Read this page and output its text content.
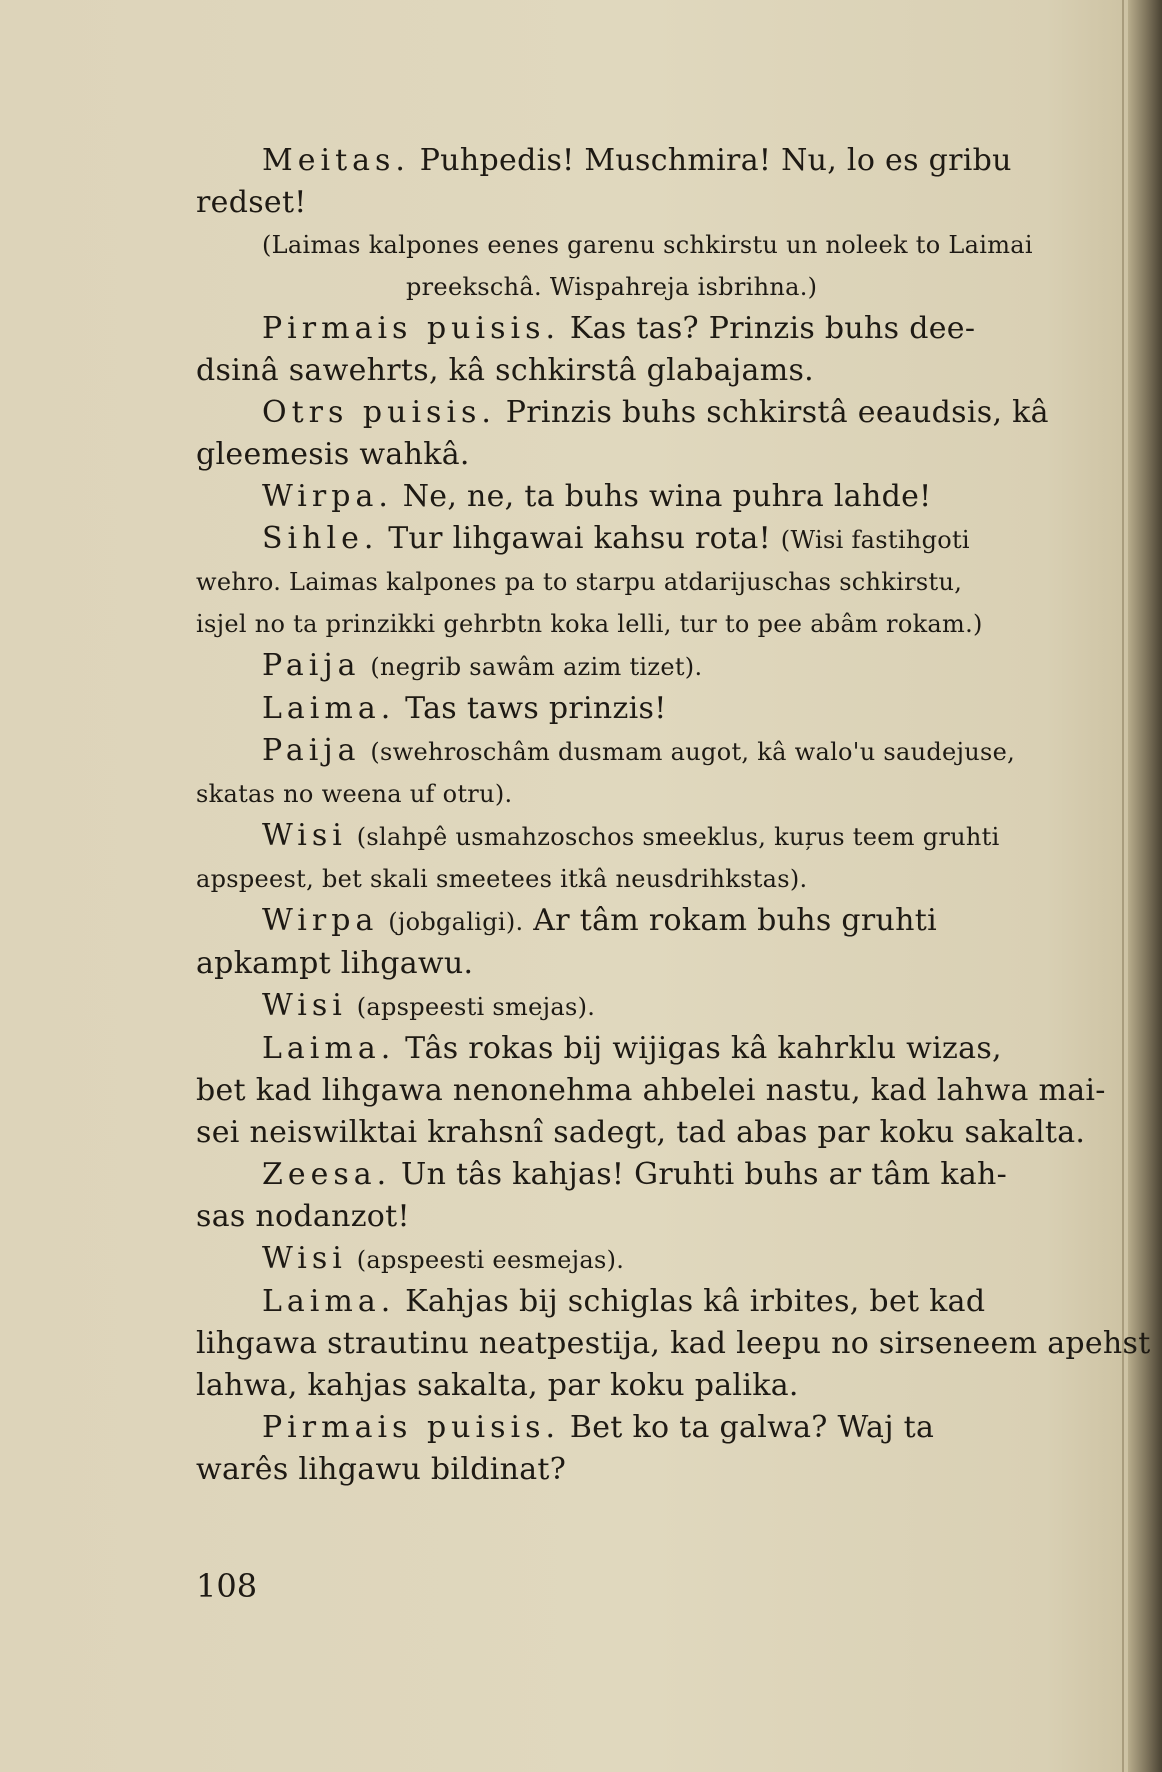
Meitas. Puhpedis! Muschmira! Nu, lo es gribu

redset!

(Laimas kalpones eenes garenu schkirstu un noleek to Laimai

preekschâ. Wispahreja isbrihna.)

Pirmais puisis. Kas tas? Prinzis buhs dee-

dsinâ sawehrts, kâ schkirstâ glabajams.

Otrs puisis. Prinzis buhs schkirstâ eeaudsis, kâ

gleemesis wahkâ.

Wirpa. Ne, ne, ta buhs wina puhra lahde!

Sihle. Tur lihgawai kahsu rota! (Wisi fastihgoti

wehro. Laimas kalpones pa to starpu atdarijuschas schkirstu,

isjel no ta prinzikki gehrbtn koka lelli, tur to pee abâm rokam.)

Paija (negrib sawâm azim tizet).

Laima. Tas taws prinzis!

Paija (swehroschâm dusmam augot, kâ walo'u saudejuse,

skatas no weena uf otru).

Wisi (slahpê usmahzoschos smeeklus, kuŗus teem gruhti

apspeest, bet skali smeetees itkâ neusdrihkstas).

Wirpa (jobgaligi). Ar tâm rokam buhs gruhti

apkampt lihgawu.

Wisi (apspeesti smejas).

Laima. Tâs rokas bij wijigas kâ kahrklu wizas,

bet kad lihgawa nenonehma ahbelei nastu, kad lahwa mai-

sei neiswilktai krahsnî sadegt, tad abas par koku sakalta.

Zeesa. Un tâs kahjas! Gruhti buhs ar tâm kah-

sas nodanzot!

Wisi (apspeesti eesmejas).

Laima. Kahjas bij schiglas kâ irbites, bet kad

lihgawa strautinu neatpestija, kad leepu no sirseneem apehst

lahwa, kahjas sakalta, par koku palika.

Pirmais puisis. Bet ko ta galwa? Waj ta

warês lihgawu bildinat?

108
